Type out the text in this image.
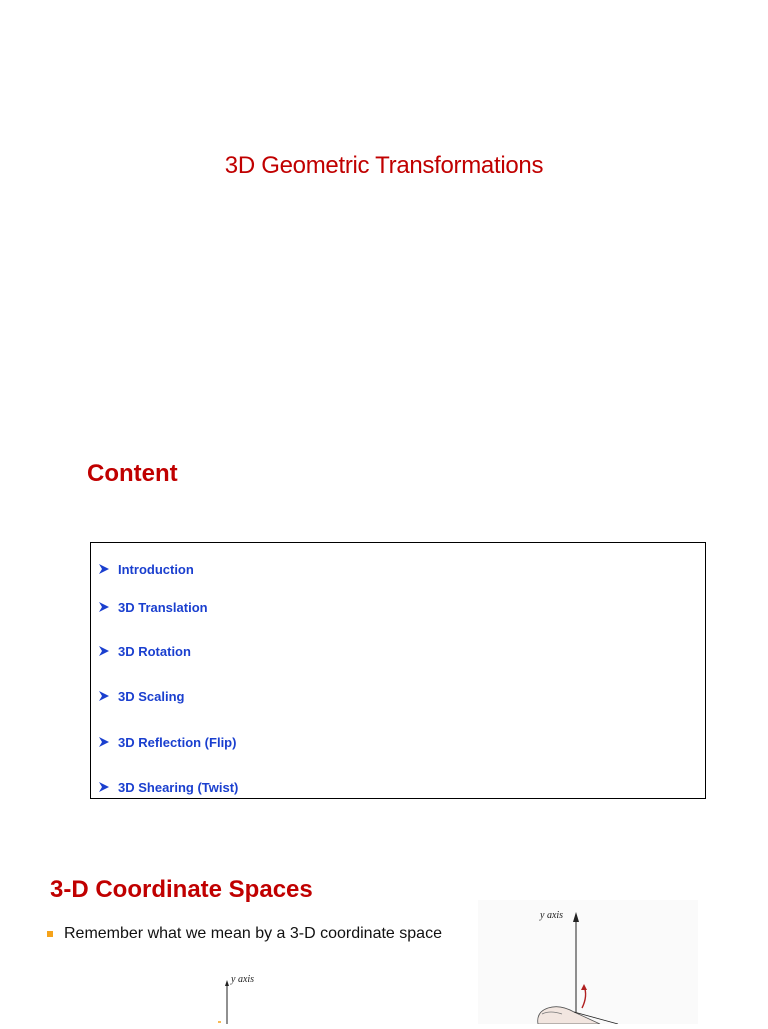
3D Geometric Transformations
Content
Introduction
3D Translation
3D Rotation
3D Scaling
3D Reflection (Flip)
3D Shearing (Twist)
3-D Coordinate Spaces
Remember what we mean by a 3-D coordinate space
y axis
y axis
